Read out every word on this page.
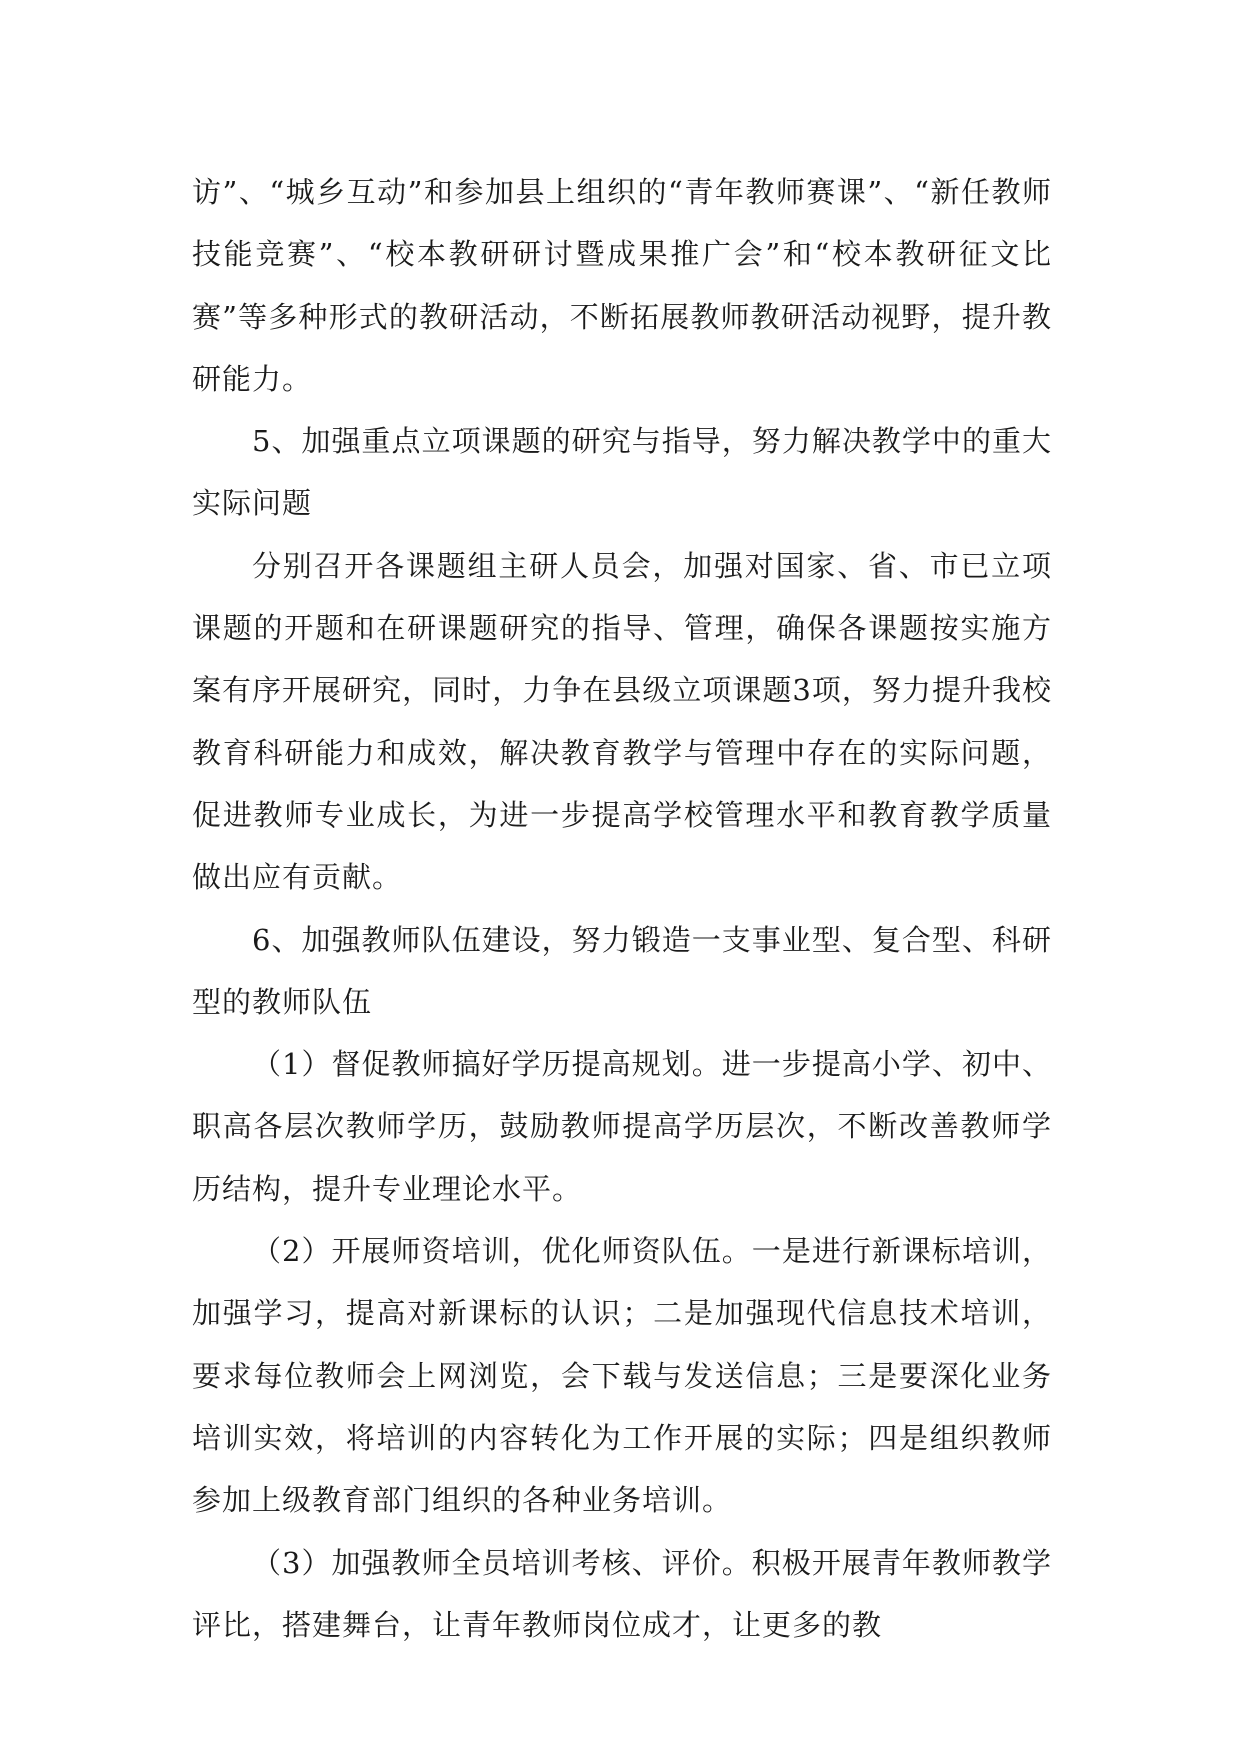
访”、“城乡互动”和参加县上组织的“青年教师赛课”、“新任教师技能竞赛”、“校本教研研讨暨成果推广会”和“校本教研征文比赛”等多种形式的教研活动，不断拓展教师教研活动视野，提升教研能力。

5、加强重点立项课题的研究与指导，努力解决教学中的重大实际问题

分别召开各课题组主研人员会，加强对国家、省、市已立项课题的开题和在研课题研究的指导、管理，确保各课题按实施方案有序开展研究，同时，力争在县级立项课题3项，努力提升我校教育科研能力和成效，解决教育教学与管理中存在的实际问题，促进教师专业成长，为进一步提高学校管理水平和教育教学质量做出应有贡献。

6、加强教师队伍建设，努力锻造一支事业型、复合型、科研型的教师队伍

（1）督促教师搞好学历提高规划。进一步提高小学、初中、职高各层次教师学历，鼓励教师提高学历层次，不断改善教师学历结构，提升专业理论水平。

（2）开展师资培训，优化师资队伍。一是进行新课标培训，加强学习，提高对新课标的认识；二是加强现代信息技术培训，要求每位教师会上网浏览，会下载与发送信息；三是要深化业务培训实效，将培训的内容转化为工作开展的实际；四是组织教师参加上级教育部门组织的各种业务培训。

（3）加强教师全员培训考核、评价。积极开展青年教师教学评比，搭建舞台，让青年教师岗位成才，让更多的教
